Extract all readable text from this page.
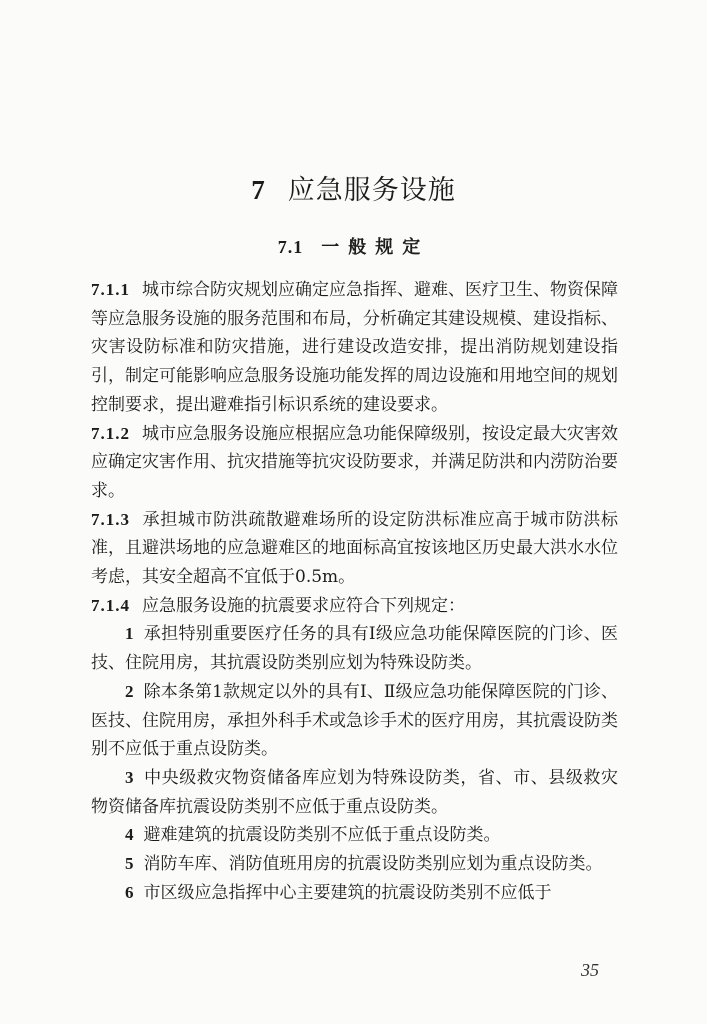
7 应急服务设施
7.1 一般规定

7.1.1 城市综合防灾规划应确定应急指挥、避难、医疗卫生、物资保障等应急服务设施的服务范围和布局，分析确定其建设规模、建设指标、灾害设防标准和防灾措施，进行建设改造安排，提出消防规划建设指引，制定可能影响应急服务设施功能发挥的周边设施和用地空间的规划控制要求，提出避难指引标识系统的建设要求。

7.1.2 城市应急服务设施应根据应急功能保障级别，按设定最大灾害效应确定灾害作用、抗灾措施等抗灾设防要求，并满足防洪和内涝防治要求。

7.1.3 承担城市防洪疏散避难场所的设定防洪标准应高于城市防洪标准，且避洪场地的应急避难区的地面标高宜按该地区历史最大洪水水位考虑，其安全超高不宜低于0.5m。

7.1.4 应急服务设施的抗震要求应符合下列规定：

1 承担特别重要医疗任务的具有Ⅰ级应急功能保障医院的门诊、医技、住院用房，其抗震设防类别应划为特殊设防类。

2 除本条第1款规定以外的具有Ⅰ、Ⅱ级应急功能保障医院的门诊、医技、住院用房，承担外科手术或急诊手术的医疗用房，其抗震设防类别不应低于重点设防类。

3 中央级救灾物资储备库应划为特殊设防类，省、市、县级救灾物资储备库抗震设防类别不应低于重点设防类。

4 避难建筑的抗震设防类别不应低于重点设防类。

5 消防车库、消防值班用房的抗震设防类别应划为重点设防类。

6 市区级应急指挥中心主要建筑的抗震设防类别不应低于

35
